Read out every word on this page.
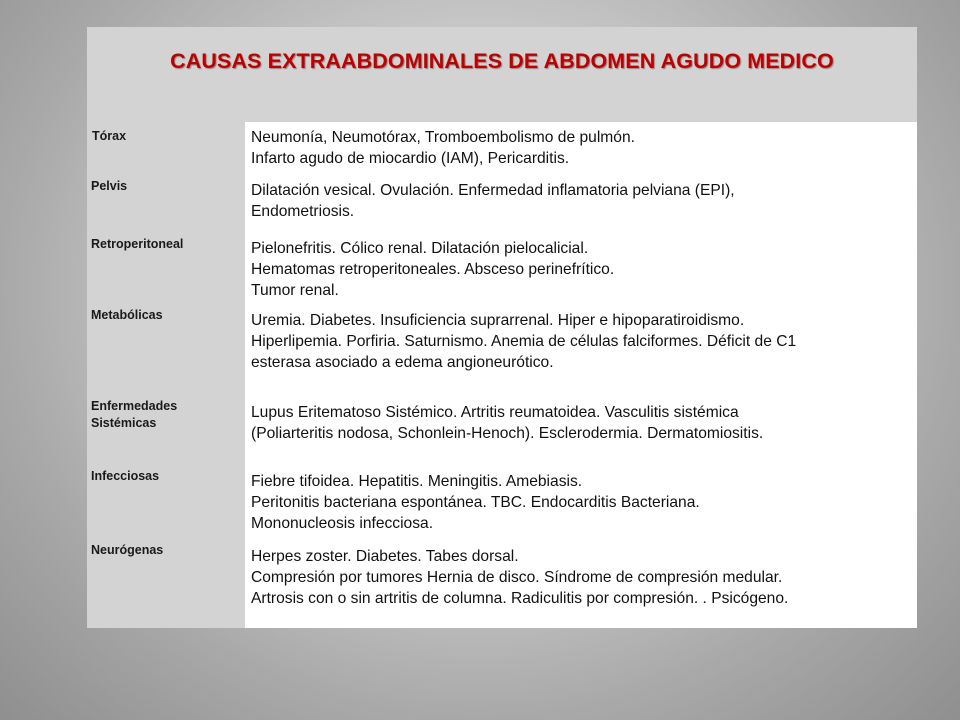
CAUSAS EXTRAABDOMINALES DE ABDOMEN AGUDO MEDICO
Tórax
Pelvis
Retroperitoneal
Metabólicas
Enfermedades
Sistémicas
Infecciosas
Neurógenas
Neumonía, Neumotórax, Tromboembolismo de pulmón.
Infarto agudo de miocardio (IAM), Pericarditis.
Dilatación vesical. Ovulación. Enfermedad inflamatoria pelviana (EPI),
Endometriosis.
Pielonefritis. Cólico renal. Dilatación pielocalicial.
Hematomas retroperitoneales. Absceso perinefrítico.
Tumor renal.
Uremia. Diabetes. Insuficiencia suprarrenal. Hiper e hipoparatiroidismo.
Hiperlipemia. Porfiria. Saturnismo. Anemia de células falciformes. Déficit de C1
esterasa asociado a edema angioneurótico.
Lupus Eritematoso Sistémico. Artritis reumatoidea. Vasculitis sistémica
(Poliarteritis nodosa, Schonlein-Henoch). Esclerodermia. Dermatomiositis.
Fiebre tifoidea. Hepatitis. Meningitis. Amebiasis.
Peritonitis bacteriana espontánea. TBC. Endocarditis Bacteriana.
Mononucleosis infecciosa.
Herpes zoster. Diabetes. Tabes dorsal.
Compresión por tumores Hernia de disco. Síndrome de compresión medular.
Artrosis con o sin artritis de columna. Radiculitis por compresión. . Psicógeno.
